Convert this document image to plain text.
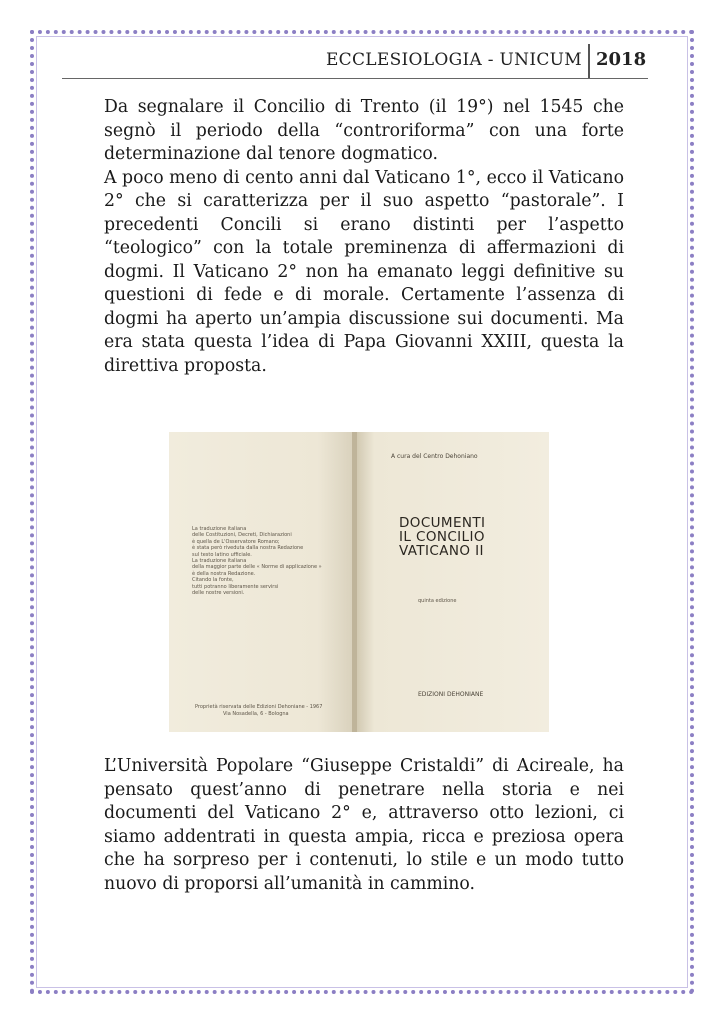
ECCLESIOLOGIA - UNICUM 2018
Da segnalare il Concilio di Trento (il 19°) nel 1545 che segnò il periodo della “controriforma” con una forte determinazione dal tenore dogmatico.
A poco meno di cento anni dal Vaticano 1°, ecco il Vaticano 2° che si caratterizza per il suo aspetto “pastorale”. I precedenti Concili si erano distinti per l’aspetto “teologico” con la totale preminenza di affermazioni di dogmi. Il Vaticano 2° non ha emanato leggi definitive su questioni di fede e di morale. Certamente l’assenza di dogmi ha aperto un’ampia discussione sui documenti. Ma era stata questa l’idea di Papa Giovanni XXIII, questa la direttiva proposta.
La traduzione italiana
delle Costituzioni, Decreti, Dichiarazioni
è quella de L'Osservatore Romano;
è stata però riveduta dalla nostra Redazione
sul testo latino ufficiale.
La traduzione italiana
della maggior parte delle « Norme di applicazione »
è della nostra Redazione.
Citando la fonte,
tutti potranno liberamente servirsi
delle nostre versioni.
Proprietà riservata delle Edizioni Dehoniane - 1967
Via Nosadella, 6 - Bologna
A cura del Centro Dehoniano
DOCUMENTI
IL CONCILIO
VATICANO II
quinta edizione
EDIZIONI DEHONIANE
L’Università Popolare “Giuseppe Cristaldi” di Acireale, ha pensato quest’anno di penetrare nella storia e nei documenti del Vaticano 2° e, attraverso otto lezioni, ci siamo addentrati in questa ampia, ricca e preziosa opera che ha sorpreso per i contenuti, lo stile e un modo tutto nuovo di proporsi all’umanità in cammino.
